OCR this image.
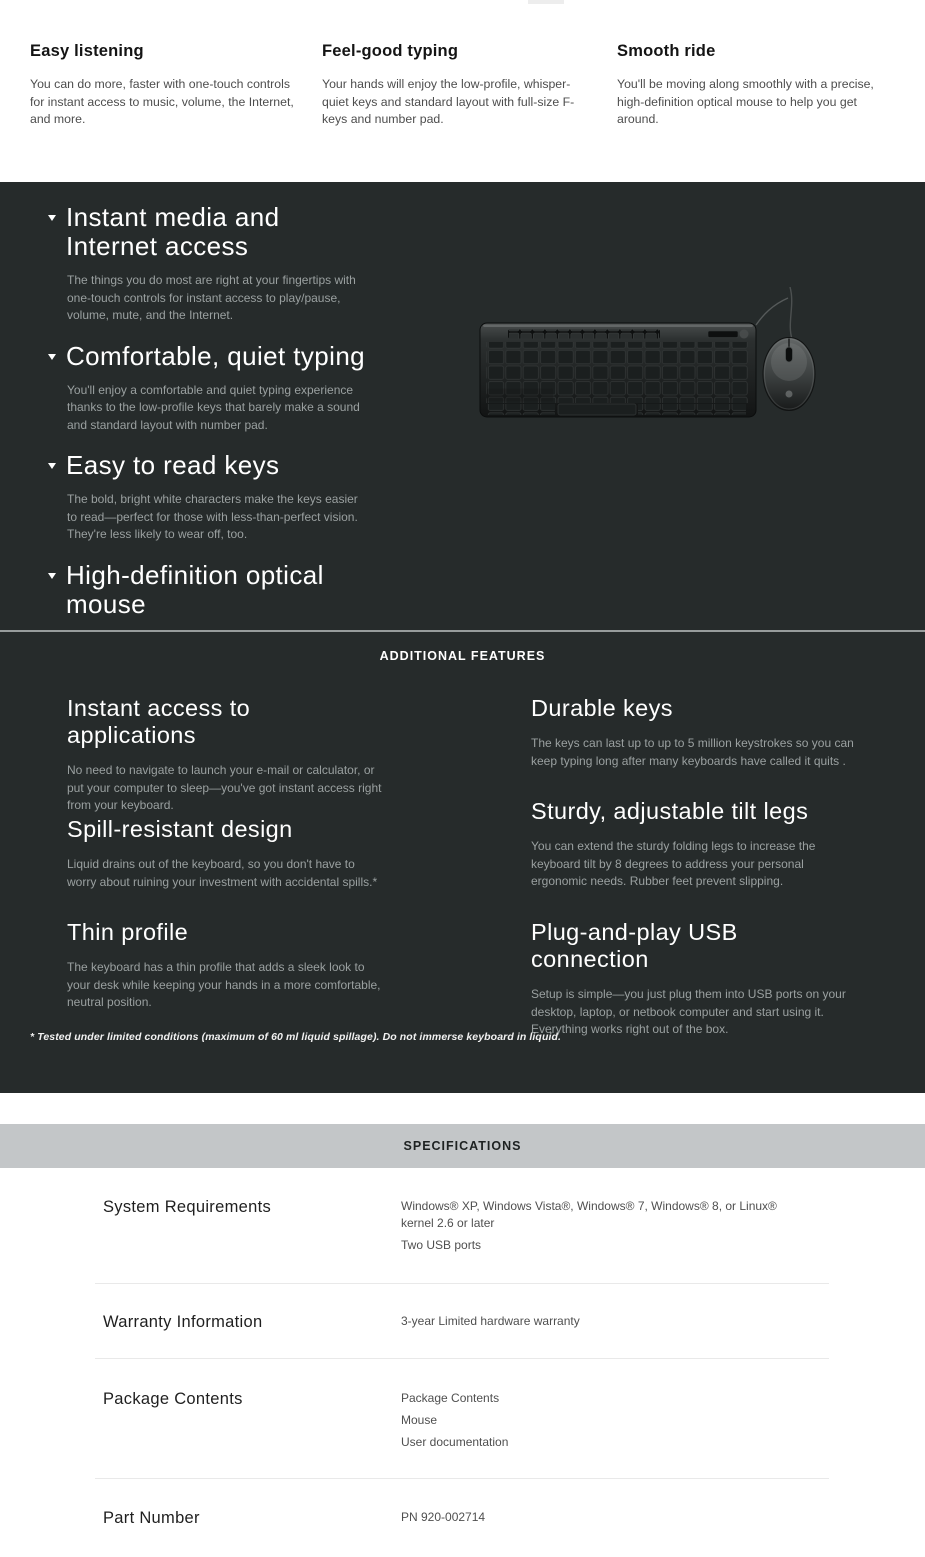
Easy listening

You can do more, faster with one-touch controls for instant access to music, volume, the Internet, and more.

Feel-good typing

Your hands will enjoy the low-profile, whisper-quiet keys and standard layout with full-size F-keys and number pad.

Smooth ride

You'll be moving along smoothly with a precise, high-definition optical mouse to help you get around.

Instant media and Internet access

The things you do most are right at your fingertips with one-touch controls for instant access to play/pause, volume, mute, and the Internet.

Comfortable, quiet typing

You'll enjoy a comfortable and quiet typing experience thanks to the low-profile keys that barely make a sound and standard layout with number pad.

Easy to read keys

The bold, bright white characters make the keys easier to read—perfect for those with less-than-perfect vision. They're less likely to wear off, too.

High-definition optical mouse

ADDITIONAL FEATURES
Instant access to applications

No need to navigate to launch your e-mail or calculator, or put your computer to sleep—you've got instant access right from your keyboard.

Durable keys

The keys can last up to up to 5 million keystrokes so you can keep typing long after many keyboards have called it quits .

Spill-resistant design

Liquid drains out of the keyboard, so you don't have to worry about ruining your investment with accidental spills.*

Sturdy, adjustable tilt legs

You can extend the sturdy folding legs to increase the keyboard tilt by 8 degrees to address your personal ergonomic needs. Rubber feet prevent slipping.

Thin profile

The keyboard has a thin profile that adds a sleek look to your desk while keeping your hands in a more comfortable, neutral position.

Plug-and-play USB connection

Setup is simple—you just plug them into USB ports on your desktop, laptop, or netbook computer and start using it. Everything works right out of the box.

* Tested under limited conditions (maximum of 60 ml liquid spillage). Do not immerse keyboard in liquid.
SPECIFICATIONS
System Requirements	Windows® XP, Windows Vista®, Windows® 7, Windows® 8, or Linux® kernel 2.6 or later

Two USB ports

Warranty Information	3-year Limited hardware warranty

Package Contents	Package Contents

Mouse

User documentation

Part Number	PN 920-002714
